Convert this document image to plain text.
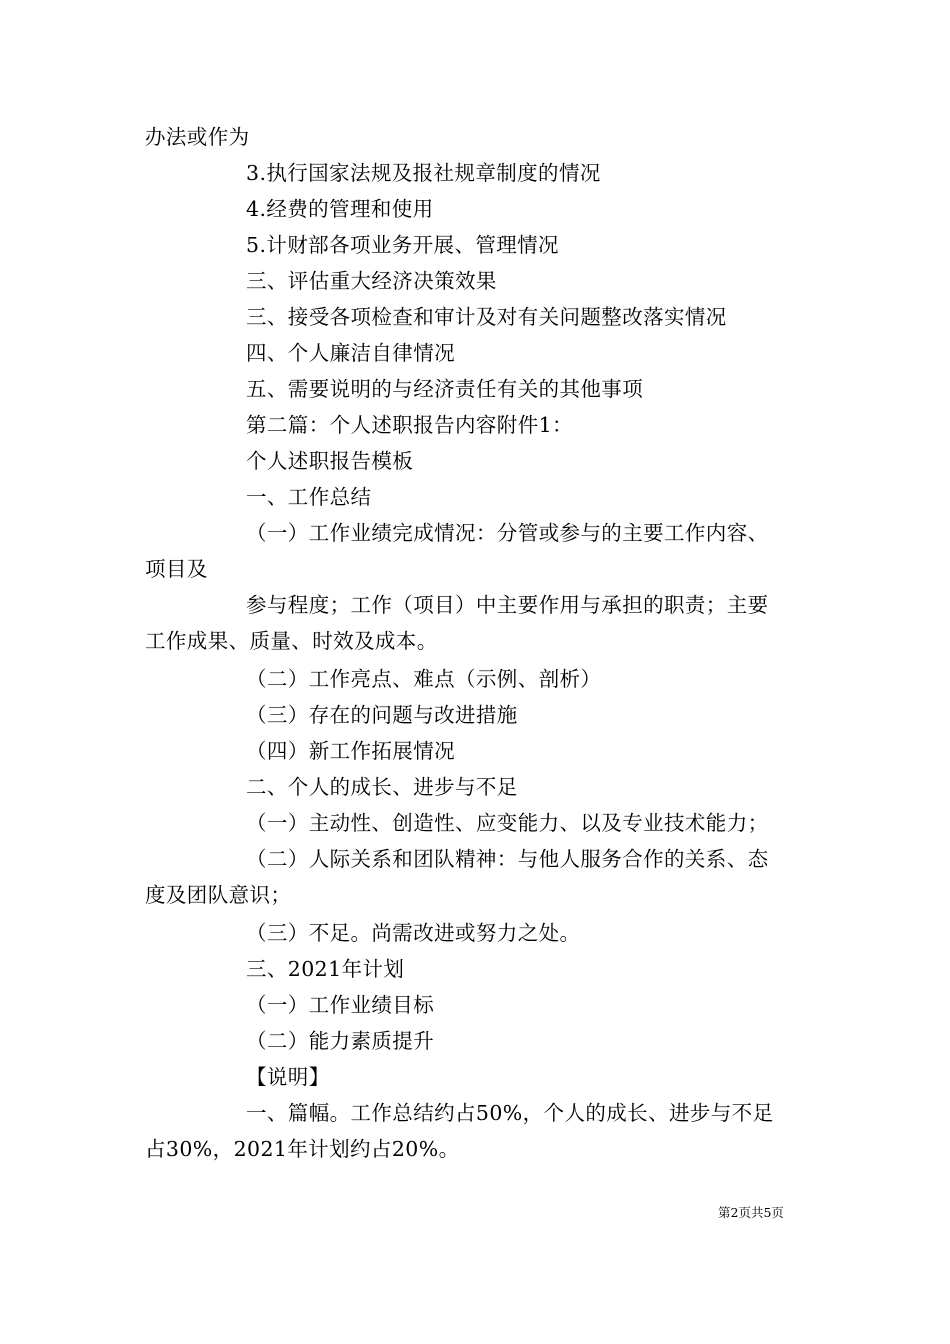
办法或作为
3.执行国家法规及报社规章制度的情况
4.经费的管理和使用
5.计财部各项业务开展、管理情况
三、评估重大经济决策效果
三、接受各项检查和审计及对有关问题整改落实情况
四、个人廉洁自律情况
五、需要说明的与经济责任有关的其他事项
第二篇：个人述职报告内容附件1：
个人述职报告模板
一、工作总结
（一）工作业绩完成情况：分管或参与的主要工作内容、
项目及
参与程度；工作（项目）中主要作用与承担的职责；主要
工作成果、质量、时效及成本。
（二）工作亮点、难点（示例、剖析）
（三）存在的问题与改进措施
（四）新工作拓展情况
二、个人的成长、进步与不足
（一）主动性、创造性、应变能力、以及专业技术能力；
（二）人际关系和团队精神：与他人服务合作的关系、态
度及团队意识；
（三）不足。尚需改进或努力之处。
三、2021年计划
（一）工作业绩目标
（二）能力素质提升
【说明】
一、篇幅。工作总结约占50%，个人的成长、进步与不足
占30%，2021年计划约占20%。
第2页共5页
